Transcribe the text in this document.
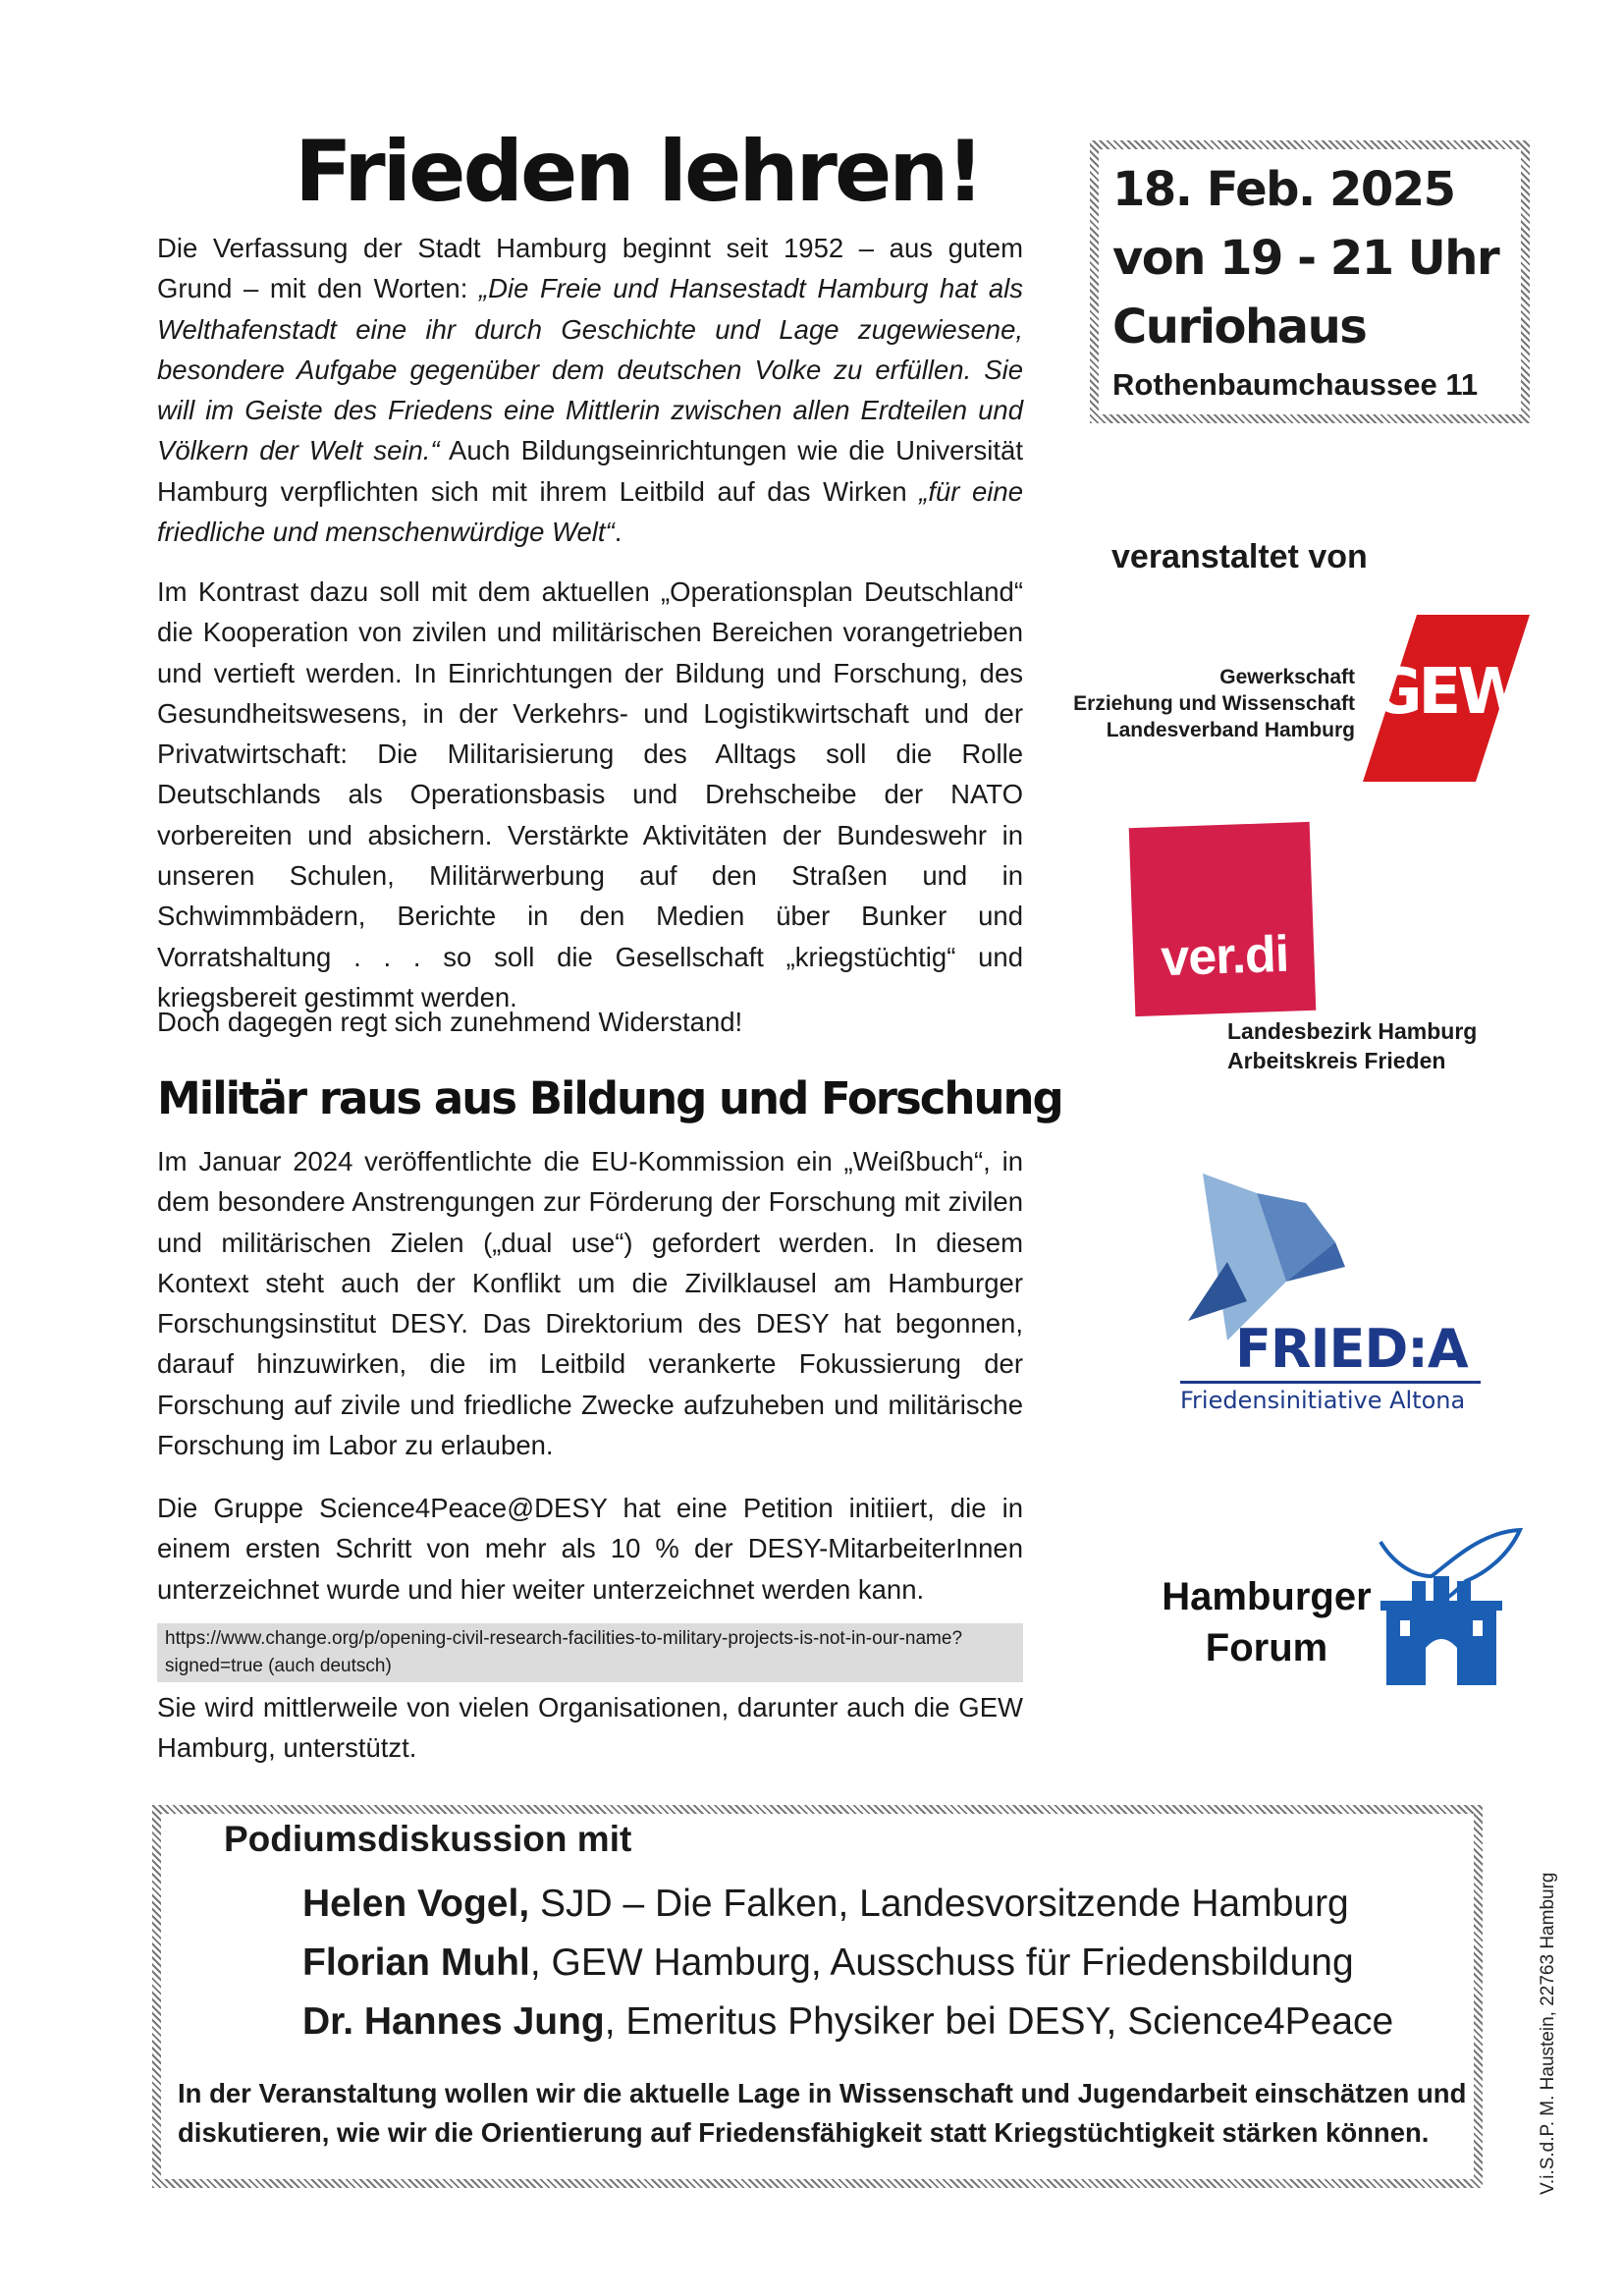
Frieden lehren!

Die Verfassung der Stadt Hamburg beginnt seit 1952 – aus gutem Grund – mit den Worten: „Die Freie und Hansestadt Hamburg hat als Welthafenstadt eine ihr durch Geschichte und Lage zugewiesene, besondere Aufgabe gegenüber dem deutschen Volke zu erfüllen. Sie will im Geiste des Friedens eine Mittlerin zwischen allen Erdteilen und Völkern der Welt sein.“ Auch Bildungseinrichtungen wie die Universität Hamburg verpflichten sich mit ihrem Leitbild auf das Wirken „für eine friedliche und menschenwürdige Welt“.

Im Kontrast dazu soll mit dem aktuellen „Operationsplan Deutschland“ die Kooperation von zivilen und militärischen Bereichen vorangetrieben und vertieft werden. In Einrichtungen der Bildung und Forschung, des Gesundheitswesens, in der Verkehrs- und Logistikwirtschaft und der Privatwirtschaft: Die Militarisierung des Alltags soll die Rolle Deutschlands als Operationsbasis und Drehscheibe der NATO vorbereiten und absichern. Verstärkte Aktivitäten der Bundeswehr in unseren Schulen, Militärwerbung auf den Straßen und in Schwimmbädern, Berichte in den Medien über Bunker und Vorratshaltung . . . so soll die Gesellschaft „kriegstüchtig“ und kriegsbereit gestimmt werden.

Doch dagegen regt sich zunehmend Widerstand!

Militär raus aus Bildung und Forschung

Im Januar 2024 veröffentlichte die EU-Kommission ein „Weißbuch“, in dem besondere Anstrengungen zur Förderung der Forschung mit zivilen und militärischen Zielen („dual use“) gefordert werden. In diesem Kontext steht auch der Konflikt um die Zivilklausel am Hamburger Forschungsinstitut DESY. Das Direktorium des DESY hat begonnen, darauf hinzuwirken, die im Leitbild verankerte Fokussierung der Forschung auf zivile und friedliche Zwecke aufzuheben und militärische Forschung im Labor zu erlauben.

Die Gruppe Science4Peace@DESY hat eine Petition initiiert, die in einem ersten Schritt von mehr als 10 % der DESY-MitarbeiterInnen unterzeichnet wurde und hier weiter unterzeichnet werden kann.

https://www.change.org/p/opening-civil-research-facilities-to-military-projects-is-not-in-our-name?signed=true (auch deutsch)

Sie wird mittlerweile von vielen Organisationen, darunter auch die GEW Hamburg, unterstützt.

18. Feb. 2025
von 19 - 21 Uhr
Curiohaus
Rothenbaumchaussee 11
veranstaltet von
Gewerkschaft
Erziehung und Wissenschaft
Landesverband Hamburg
GEW
ver.di
Landesbezirk Hamburg
Arbeitskreis Frieden
FRIED:A
Friedensinitiative Altona
Hamburger
Forum
Podiumsdiskussion mit
Helen Vogel, SJD – Die Falken, Landesvorsitzende Hamburg
Florian Muhl, GEW Hamburg, Ausschuss für Friedensbildung
Dr. Hannes Jung, Emeritus Physiker bei DESY, Science4Peace
In der Veranstaltung wollen wir die aktuelle Lage in Wissenschaft und Jugendarbeit einschätzen und diskutieren, wie wir die Orientierung auf Friedensfähigkeit statt Kriegstüchtigkeit stärken können.	V.i.S.d.P. M. Haustein, 22763 Hamburg
